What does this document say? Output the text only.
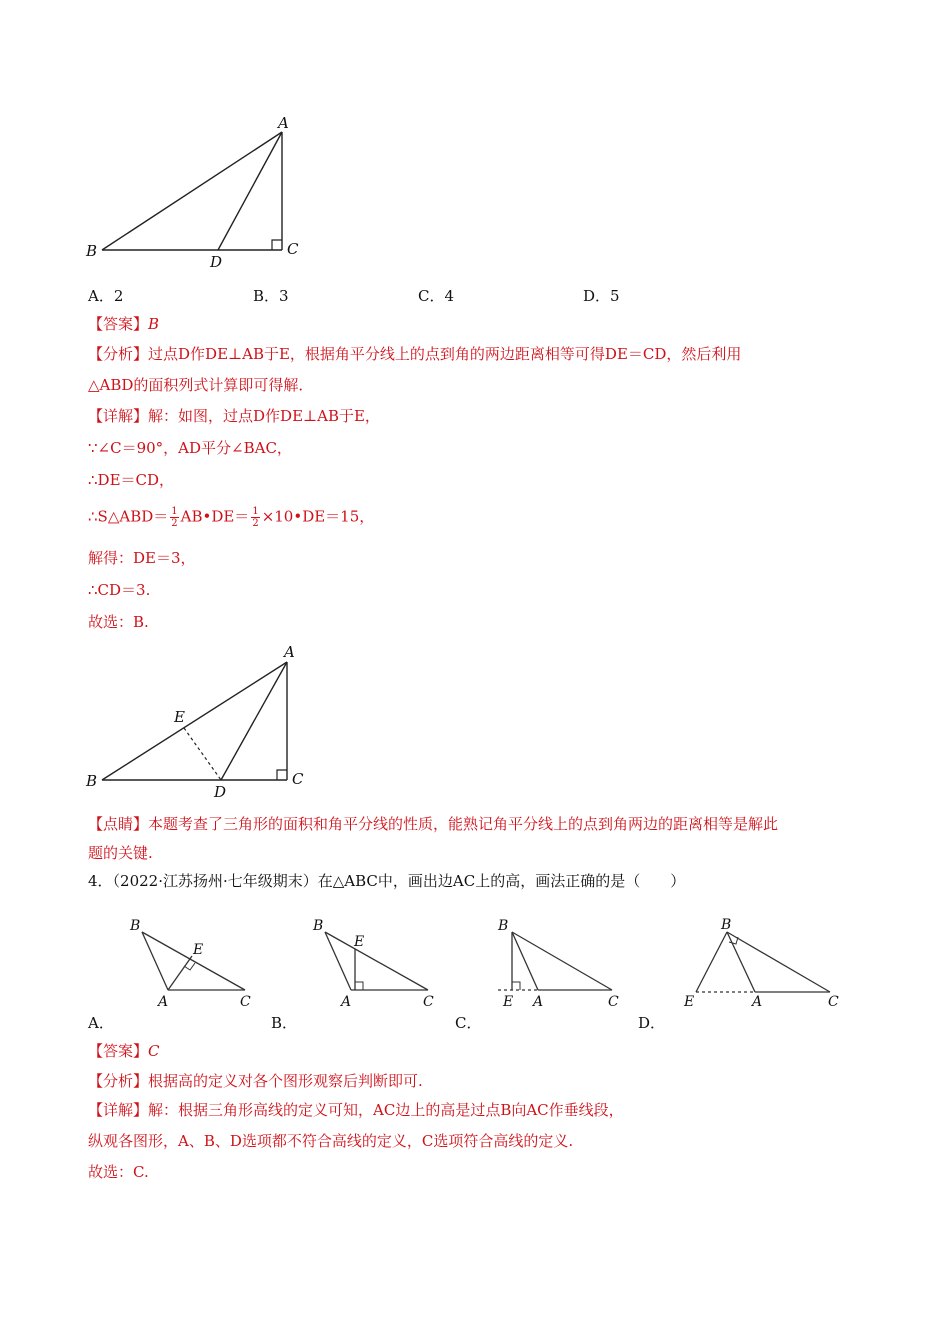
A
B	C
D
A．2	B．3	C．4	D．5
【答案】B
【分析】过点D作DE⊥AB于E，根据角平分线上的点到角的两边距离相等可得DE＝CD，然后利用
△ABD的面积列式计算即可得解．
【详解】解：如图，过点D作DE⊥AB于E，
∵∠C＝90°，AD平分∠BAC，
∴DE＝CD，
∴S△ABD＝ $\frac{1}{2}$ AB•DE＝ $\frac{1}{2}$ ×10•DE＝15，
解得：DE＝3，
∴CD＝3.
故选：B.
A
B	C
D
E
【点睛】本题考查了三角形的面积和角平分线的性质，能熟记角平分线上的点到角两边的距离相等是解此
题的关键.
4．（2022·江苏扬州·七年级期末）在△ABC中，画出边AC上的高，画法正确的是（　　）
B
E
A	C
B
E
A	C
B
E A	C
B
E	A	C
A．	B．	C．	D．
【答案】C
【分析】根据高的定义对各个图形观察后判断即可.
【详解】解：根据三角形高线的定义可知，AC边上的高是过点B向AC作垂线段，
纵观各图形，A、B、D选项都不符合高线的定义，C选项符合高线的定义.
故选：C.
